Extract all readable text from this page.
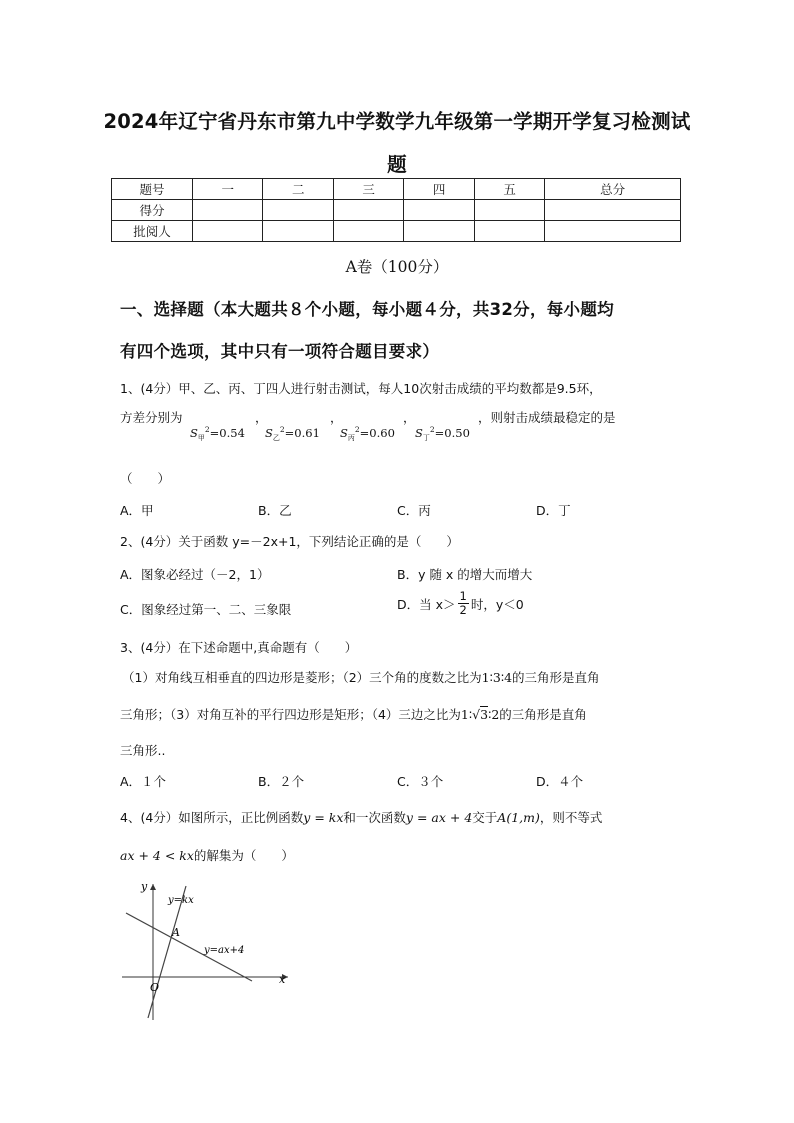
2024年辽宁省丹东市第九中学数学九年级第一学期开学复习检测试
题
题号	一	二	三	四	五	总分
得分						
批阅人						
A卷（100分）
一、选择题（本大题共８个小题，每小题４分，共32分，每小题均
有四个选项，其中只有一项符合题目要求）
1、(4分）甲、乙、丙、丁四人进行射击测试，每人10次射击成绩的平均数都是9.5环，
方差分别为
$S_甲^2=0.54$
，
$S_乙^2=0.61$
，
$S_丙^2=0.60$
，
$S_丁^2=0.50$
，则射击成绩最稳定的是
（　　）
A．甲	B．乙	C．丙	D．丁
2、(4分）关于函数 y=－2x+1，下列结论正确的是（　　）
A．图象必经过（－2，1）	B．y 随 x 的增大而增大
C．图象经过第一、二、三象限	D．当 $x> \frac{1}{2}$ 时，y＜0
3、(4分）在下述命题中,真命题有（　　）
（1）对角线互相垂直的四边形是菱形；（2）三个角的度数之比为1∶3∶4的三角形是直角
三角形；（3）对角互补的平行四边形是矩形；（4）三边之比为1∶√3∶2的三角形是直角
三角形..
A．１个	B．２个	C．３个	D．４个
4、(4分）如图所示，正比例函数y = kx和一次函数y = ax + 4交于A(1,m)，则不等式
ax + 4 < kx的解集为（　　）
y
x
O
A
y=kx
y=ax+4
